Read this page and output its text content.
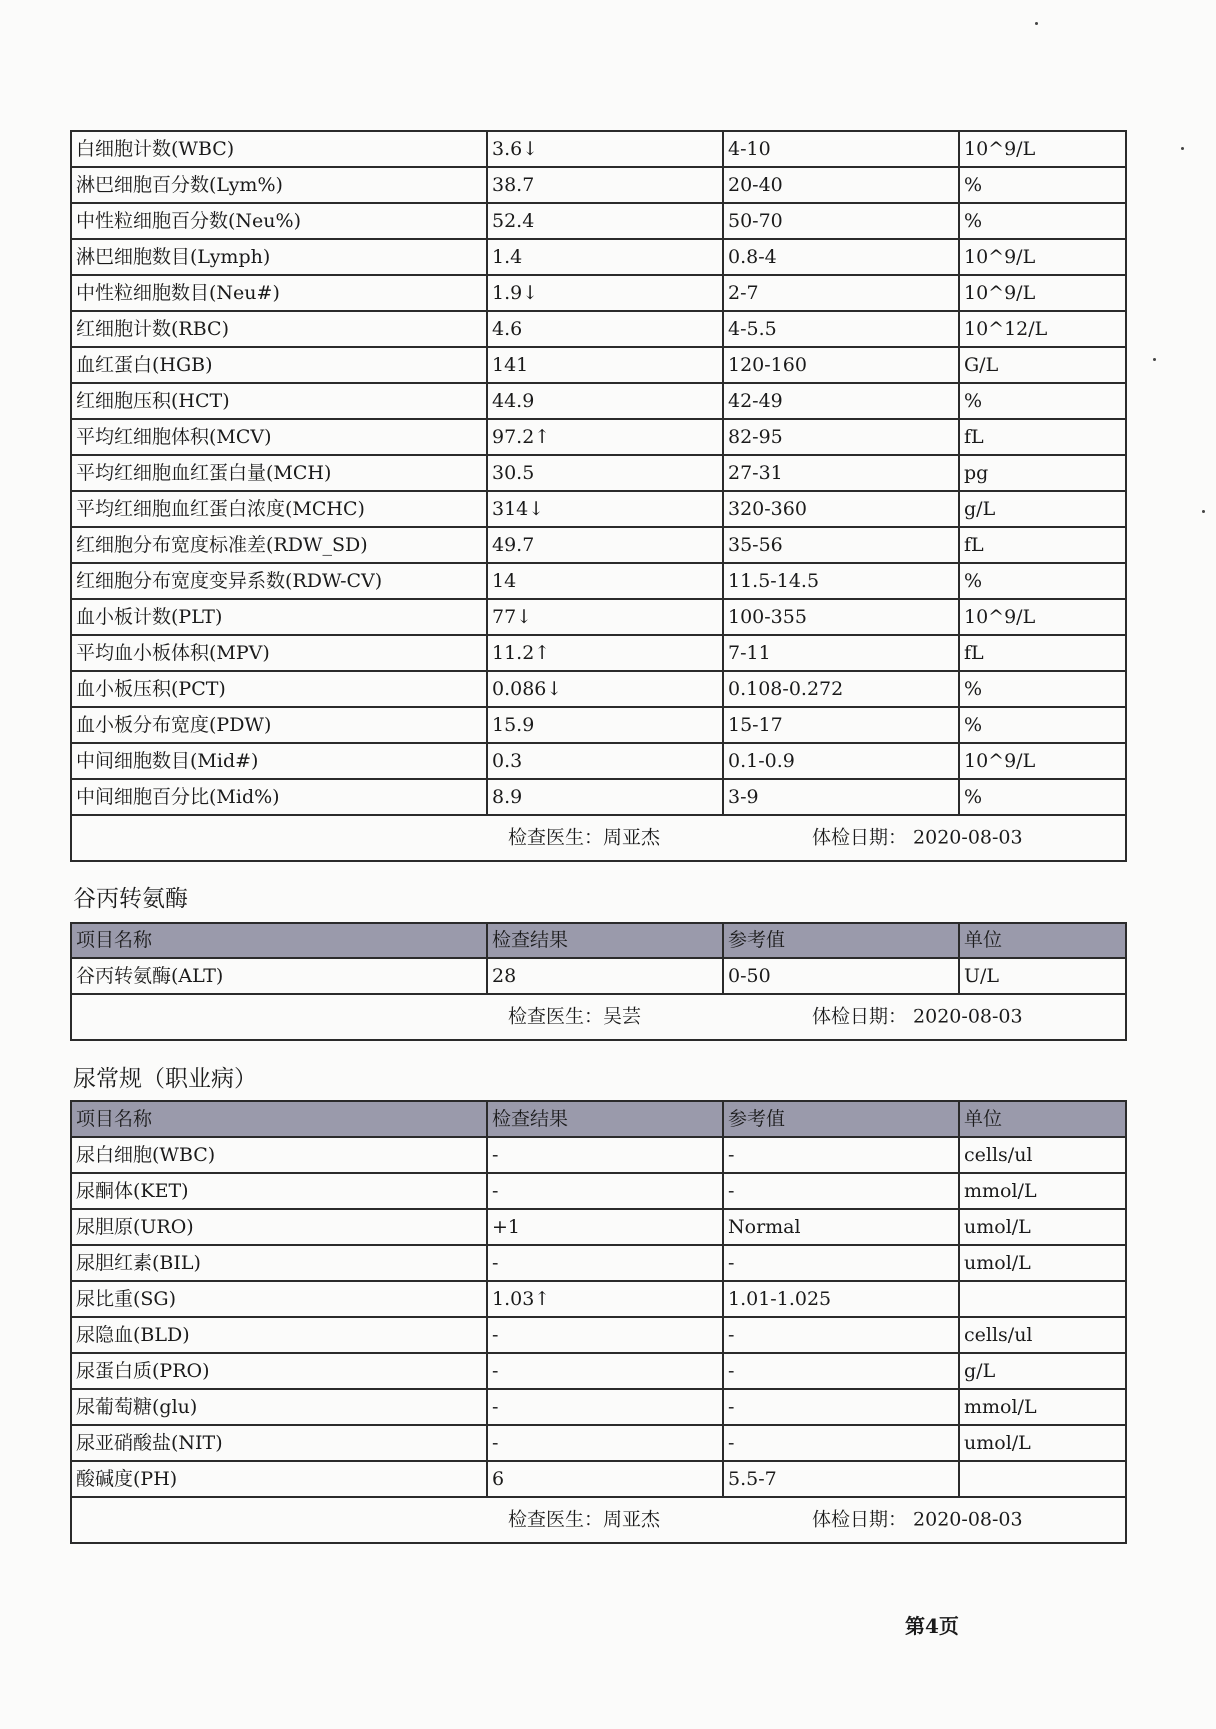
白细胞计数(WBC)	3.6↓	4-10	10^9/L
淋巴细胞百分数(Lym%)	38.7	20-40	%
中性粒细胞百分数(Neu%)	52.4	50-70	%
淋巴细胞数目(Lymph)	1.4	0.8-4	10^9/L
中性粒细胞数目(Neu#)	1.9↓	2-7	10^9/L
红细胞计数(RBC)	4.6	4-5.5	10^12/L
血红蛋白(HGB)	141	120-160	G/L
红细胞压积(HCT)	44.9	42-49	%
平均红细胞体积(MCV)	97.2↑	82-95	fL
平均红细胞血红蛋白量(MCH)	30.5	27-31	pg
平均红细胞血红蛋白浓度(MCHC)	314↓	320-360	g/L
红细胞分布宽度标准差(RDW_SD)	49.7	35-56	fL
红细胞分布宽度变异系数(RDW-CV)	14	11.5-14.5	%
血小板计数(PLT)	77↓	100-355	10^9/L
平均血小板体积(MPV)	11.2↑	7-11	fL
血小板压积(PCT)	0.086↓	0.108-0.272	%
血小板分布宽度(PDW)	15.9	15-17	%
中间细胞数目(Mid#)	0.3	0.1-0.9	10^9/L
中间细胞百分比(Mid%)	8.9	3-9	%

检查医生：周亚杰 体检日期： 2020-08-03			
谷丙转氨酶
项目名称	检查结果	参考值	单位
谷丙转氨酶(ALT)	28	0-50	U/L

检查医生：吴芸 体检日期： 2020-08-03			
尿常规（职业病）
项目名称	检查结果	参考值	单位
尿白细胞(WBC)	-	-	cells/ul
尿酮体(KET)	-	-	mmol/L
尿胆原(URO)	+1	Normal	umol/L
尿胆红素(BIL)	-	-	umol/L
尿比重(SG)	1.03↑	1.01-1.025	
尿隐血(BLD)	-	-	cells/ul
尿蛋白质(PRO)	-	-	g/L
尿葡萄糖(glu)	-	-	mmol/L
尿亚硝酸盐(NIT)	-	-	umol/L
酸碱度(PH)	6	5.5-7	

检查医生：周亚杰 体检日期： 2020-08-03			
第4页
